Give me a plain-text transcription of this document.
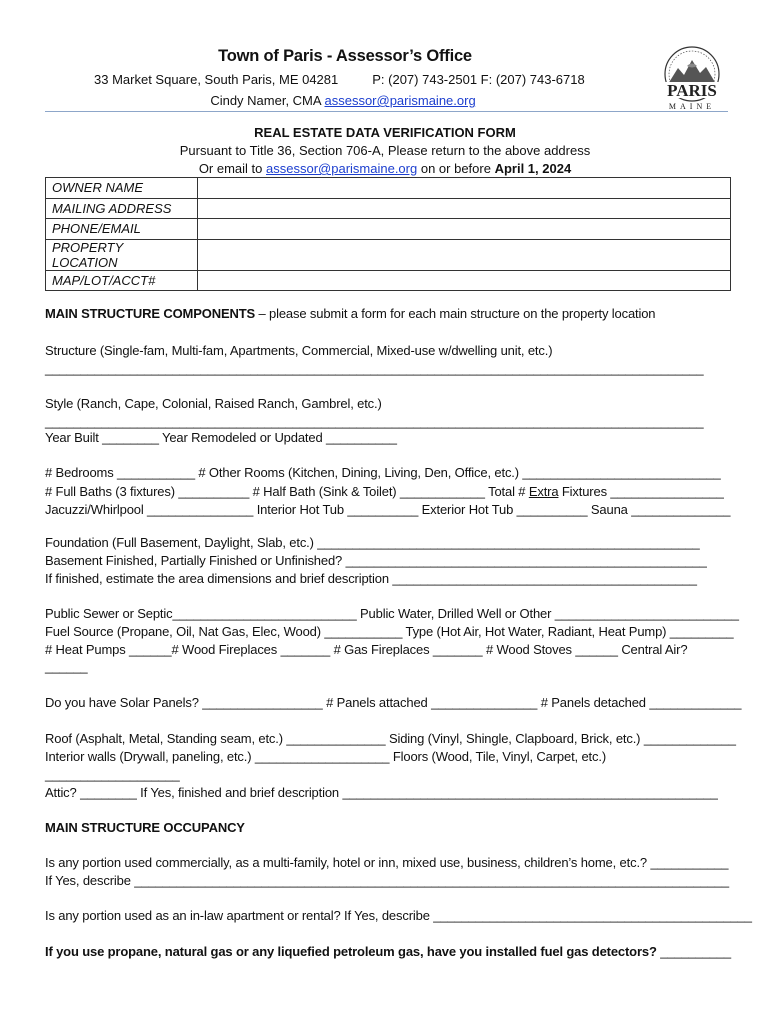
Town of Paris - Assessor’s Office
33 Market Square, South Paris, ME 04281	P: (207) 743-2501 F: (207) 743-6718
Cindy Namer, CMA assessor@parismaine.org
PARIS
MAINE
REAL ESTATE DATA VERIFICATION FORM
Pursuant to Title 36, Section 706-A, Please return to the above address
Or email to assessor@parismaine.org on or before April 1, 2024
OWNER NAME	
MAILING ADDRESS	
PHONE/EMAIL	
PROPERTY LOCATION	
MAP/LOT/ACCT#	
MAIN STRUCTURE COMPONENTS – please submit a form for each main structure on the property location
Structure (Single-fam, Multi-fam, Apartments, Commercial, Mixed-use w/dwelling unit, etc.)
_____________________________________________________________________________________________
Style (Ranch, Cape, Colonial, Raised Ranch, Gambrel, etc.)
_____________________________________________________________________________________________
Year Built ________ Year Remodeled or Updated __________
# Bedrooms ___________ # Other Rooms (Kitchen, Dining, Living, Den, Office, etc.) ____________________________
# Full Baths (3 fixtures) __________ # Half Bath (Sink & Toilet) ____________ Total # Extra Fixtures ________________
Jacuzzi/Whirlpool _______________ Interior Hot Tub __________ Exterior Hot Tub __________ Sauna ______________
Foundation (Full Basement, Daylight, Slab, etc.) ______________________________________________________
Basement Finished, Partially Finished or Unfinished? ___________________________________________________
If finished, estimate the area dimensions and brief description ___________________________________________
Public Sewer or Septic__________________________ Public Water, Drilled Well or Other __________________________
Fuel Source (Propane, Oil, Nat Gas, Elec, Wood) ___________ Type (Hot Air, Hot Water, Radiant, Heat Pump) _________
# Heat Pumps ______# Wood Fireplaces _______ # Gas Fireplaces _______ # Wood Stoves ______ Central Air?
______
Do you have Solar Panels? _________________ # Panels attached _______________ # Panels detached _____________
Roof (Asphalt, Metal, Standing seam, etc.) ______________ Siding (Vinyl, Shingle, Clapboard, Brick, etc.) _____________
Interior walls (Drywall, paneling, etc.) ___________________ Floors (Wood, Tile, Vinyl, Carpet, etc.)
___________________
Attic? ________ If Yes, finished and brief description _____________________________________________________
MAIN STRUCTURE OCCUPANCY
Is any portion used commercially, as a multi-family, hotel or inn, mixed use, business, children’s home, etc.? ___________
If Yes, describe ____________________________________________________________________________________
Is any portion used as an in-law apartment or rental? If Yes, describe _____________________________________________
If you use propane, natural gas or any liquefied petroleum gas, have you installed fuel gas detectors? __________
